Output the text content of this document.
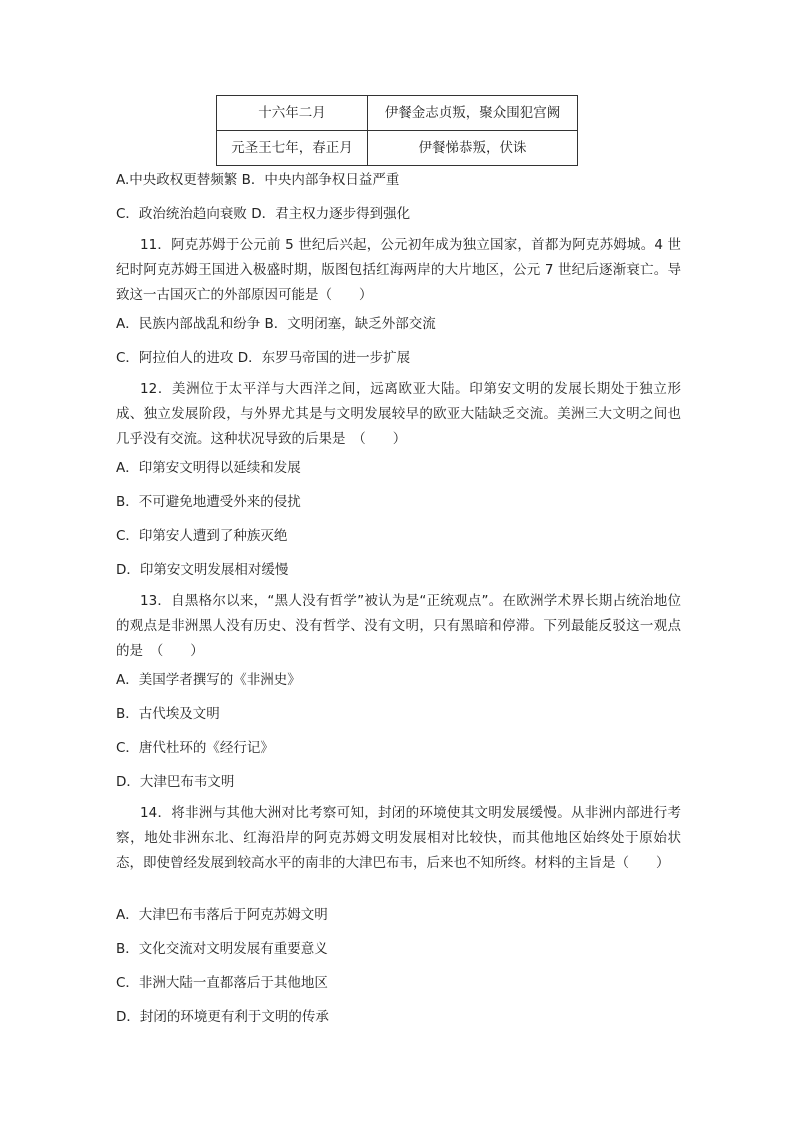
十六年二月	伊餐金志贞叛，聚众围犯宫阙
元圣王七年，春正月	伊餐悌恭叛，伏诛
A.中央政权更替频繁 B．中央内部争权日益严重
C．政治统治趋向衰败 D．君主权力逐步得到强化
11．阿克苏姆于公元前 5 世纪后兴起，公元初年成为独立国家，首都为阿克苏姆城。4 世纪时阿克苏姆王国进入极盛时期，版图包括红海两岸的大片地区，公元 7 世纪后逐渐衰亡。导致这一古国灭亡的外部原因可能是（　　）
A．民族内部战乱和纷争 B．文明闭塞，缺乏外部交流
C．阿拉伯人的进攻 D．东罗马帝国的进一步扩展
12．美洲位于太平洋与大西洋之间，远离欧亚大陆。印第安文明的发展长期处于独立形成、独立发展阶段，与外界尤其是与文明发展较早的欧亚大陆缺乏交流。美洲三大文明之间也几乎没有交流。这种状况导致的后果是　（　　）
A．印第安文明得以延续和发展
B．不可避免地遭受外来的侵扰
C．印第安人遭到了种族灭绝
D．印第安文明发展相对缓慢
13．自黑格尔以来，“黑人没有哲学”被认为是“正统观点”。在欧洲学术界长期占统治地位的观点是非洲黑人没有历史、没有哲学、没有文明，只有黑暗和停滞。下列最能反驳这一观点的是　（　　）
A．美国学者撰写的《非洲史》
B．古代埃及文明
C．唐代杜环的《经行记》
D．大津巴布韦文明
14．将非洲与其他大洲对比考察可知，封闭的环境使其文明发展缓慢。从非洲内部进行考察，地处非洲东北、红海沿岸的阿克苏姆文明发展相对比较快，而其他地区始终处于原始状态，即使曾经发展到较高水平的南非的大津巴布韦，后来也不知所终。材料的主旨是（　　）
A．大津巴布韦落后于阿克苏姆文明
B．文化交流对文明发展有重要意义
C．非洲大陆一直都落后于其他地区
D．封闭的环境更有利于文明的传承
